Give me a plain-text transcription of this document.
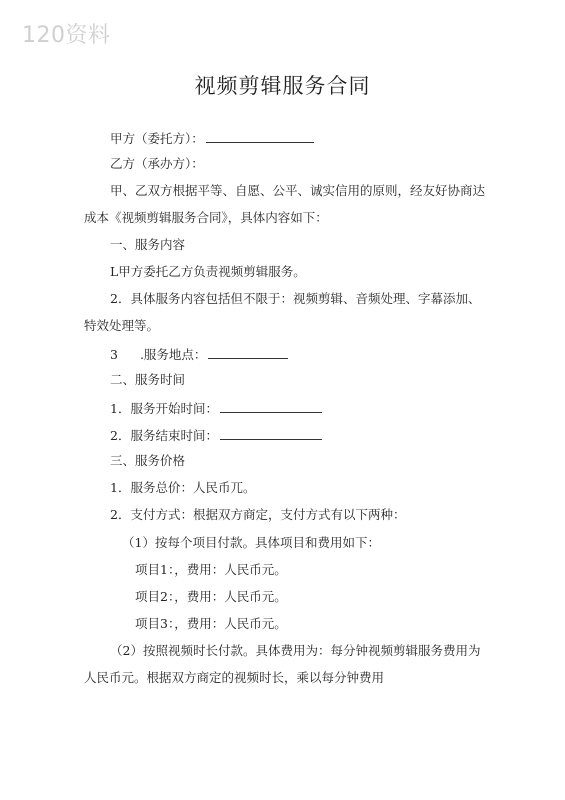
120资料
视频剪辑服务合同
甲方（委托方）：
乙方（承办方）：
甲、乙双方根据平等、自愿、公平、诚实信用的原则，经友好协商达
成本《视频剪辑服务合同》，具体内容如下：
一、服务内容
L甲方委托乙方负责视频剪辑服务。
2．具体服务内容包括但不限于：视频剪辑、音频处理、字幕添加、
特效处理等。
3 .服务地点：
二、服务时间
1．服务开始时间：
2．服务结束时间：
三、服务价格
1．服务总价：人民币兀。
2．支付方式：根据双方商定，支付方式有以下两种：
（1）按每个项目付款。具体项目和费用如下：
项目1：，费用：人民币元。
项目2：，费用：人民币元。
项目3：，费用：人民币元。
（2）按照视频时长付款。具体费用为：每分钟视频剪辑服务费用为
人民币元。根据双方商定的视频时长，乘以每分钟费用
